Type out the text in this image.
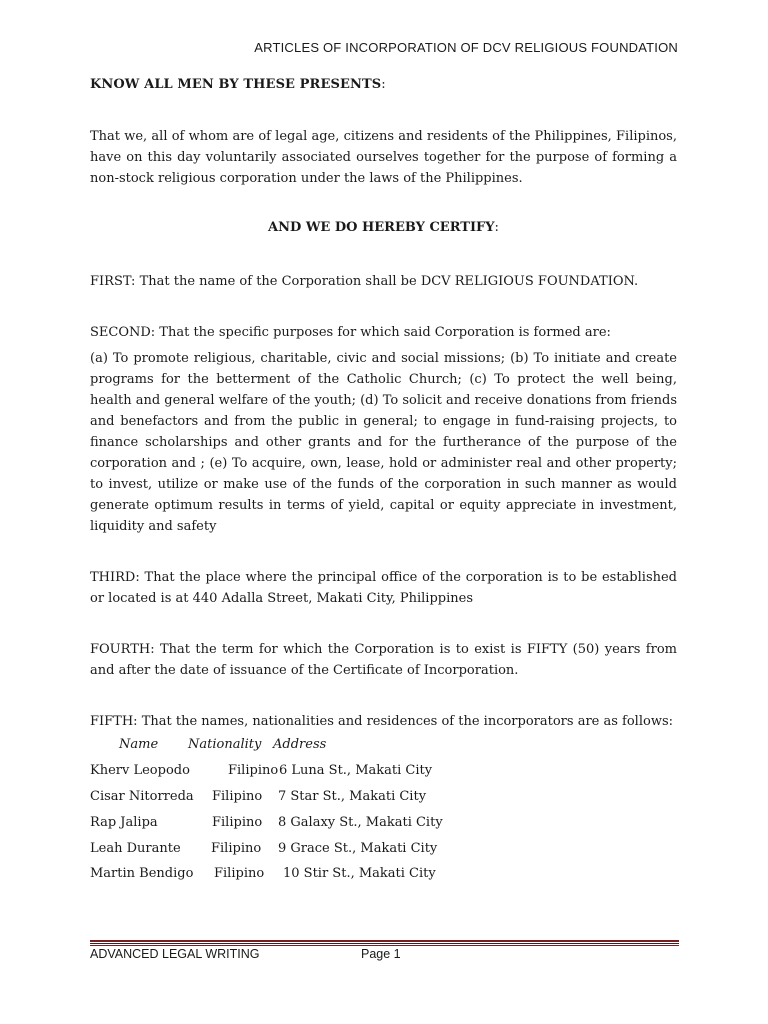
ARTICLES OF INCORPORATION OF DCV RELIGIOUS FOUNDATION
KNOW ALL MEN BY THESE PRESENTS:
That we, all of whom are of legal age, citizens and residents of the Philippines, Filipinos, have on this day voluntarily associated ourselves together for the purpose of forming a non-stock religious corporation under the laws of the Philippines.
AND WE DO HEREBY CERTIFY:
FIRST: That the name of the Corporation shall be DCV RELIGIOUS FOUNDATION.
SECOND: That the specific purposes for which said Corporation is formed are:
(a) To promote religious, charitable, civic and social missions; (b) To initiate and create programs for the betterment of the Catholic Church; (c) To protect the well being, health and general welfare of the youth; (d) To solicit and receive donations from friends and benefactors and from the public in general; to engage in fund-raising projects, to finance scholarships and other grants and for the furtherance of the purpose of the corporation and ; (e) To acquire, own, lease, hold or administer real and other property; to invest, utilize or make use of the funds of the corporation in such manner as would generate optimum results in terms of yield, capital or equity appreciate in investment, liquidity and safety
THIRD: That the place where the principal office of the corporation is to be established or located is at 440 Adalla Street, Makati City, Philippines
FOURTH: That the term for which the Corporation is to exist is FIFTY (50) years from and after the date of issuance of the Certificate of Incorporation.
FIFTH: That the names, nationalities and residences of the incorporators are as follows:
Name Nationality Address
Kherv Leopodo	Filipino 6 Luna St., Makati City
Cisar Nitorreda Filipino 7 Star St., Makati City
Rap Jalipa	Filipino 8 Galaxy St., Makati City
Leah Durante Filipino 9 Grace St., Makati City
Martin Bendigo Filipino 10 Stir St., Makati City
ADVANCED LEGAL WRITING	Page 1
